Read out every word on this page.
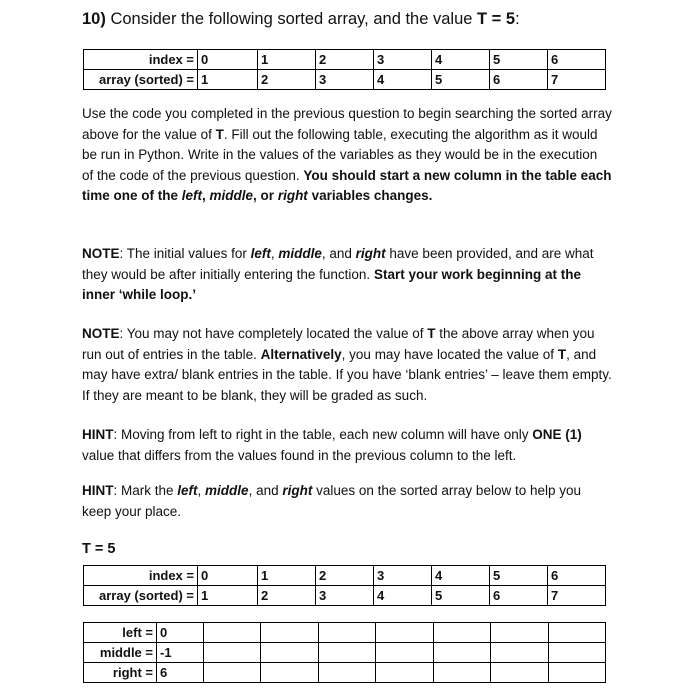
10) Consider the following sorted array, and the value T = 5:
index =	0	1	2	3	4	5	6
array (sorted) =	1	2	3	4	5	6	7
Use the code you completed in the previous question to begin searching the sorted array above for the value of T. Fill out the following table, executing the algorithm as it would be run in Python. Write in the values of the variables as they would be in the execution of the code of the previous question. You should start a new column in the table each time one of the left, middle, or right variables changes.
NOTE: The initial values for left, middle, and right have been provided, and are what they would be after initially entering the function. Start your work beginning at the inner ‘while loop.’
NOTE: You may not have completely located the value of T the above array when you run out of entries in the table. Alternatively, you may have located the value of T, and may have extra/ blank entries in the table. If you have ‘blank entries’ – leave them empty. If they are meant to be blank, they will be graded as such.
HINT: Moving from left to right in the table, each new column will have only ONE (1) value that differs from the values found in the previous column to the left.
HINT: Mark the left, middle, and right values on the sorted array below to help you keep your place.
T = 5
index =	0	1	2	3	4	5	6
array (sorted) =	1	2	3	4	5	6	7
left =	0							
middle =	-1							
right =	6							
